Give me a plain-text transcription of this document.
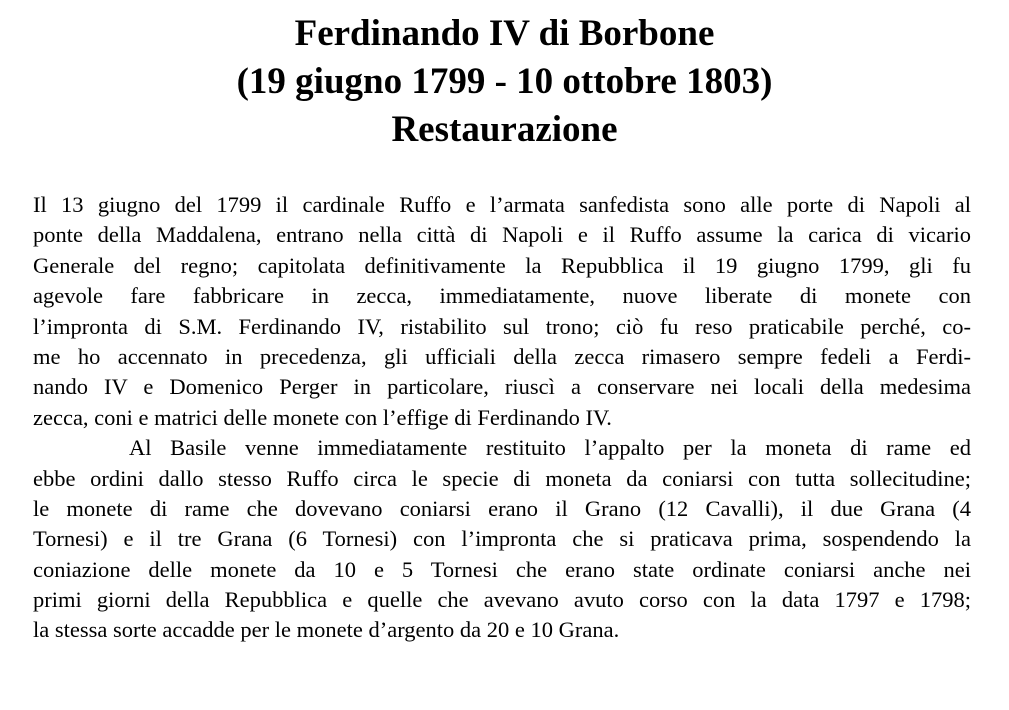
Ferdinando IV di Borbone
(19 giugno 1799 - 10 ottobre 1803)
Restaurazione
Il 13 giugno del 1799 il cardinale Ruffo e l’armata sanfedista sono alle porte di Napoli al
ponte della Maddalena, entrano nella città di Napoli e il Ruffo assume la carica di vicario
Generale del regno; capitolata definitivamente la Repubblica il 19 giugno 1799, gli fu
agevole fare fabbricare in zecca, immediatamente, nuove liberate di monete con
l’impronta di S.M. Ferdinando IV, ristabilito sul trono; ciò fu reso praticabile perché, co-
me ho accennato in precedenza, gli ufficiali della zecca rimasero sempre fedeli a Ferdi-
nando IV e Domenico Perger in particolare, riuscì a conservare nei locali della medesima
zecca, coni e matrici delle monete con l’effige di Ferdinando IV.
Al Basile venne immediatamente restituito l’appalto per la moneta di rame ed
ebbe ordini dallo stesso Ruffo circa le specie di moneta da coniarsi con tutta sollecitudine;
le monete di rame che dovevano coniarsi erano il Grano (12 Cavalli), il due Grana (4
Tornesi) e il tre Grana (6 Tornesi) con l’impronta che si praticava prima, sospendendo la
coniazione delle monete da 10 e 5 Tornesi che erano state ordinate coniarsi anche nei
primi giorni della Repubblica e quelle che avevano avuto corso con la data 1797 e 1798;
la stessa sorte accadde per le monete d’argento da 20 e 10 Grana.
